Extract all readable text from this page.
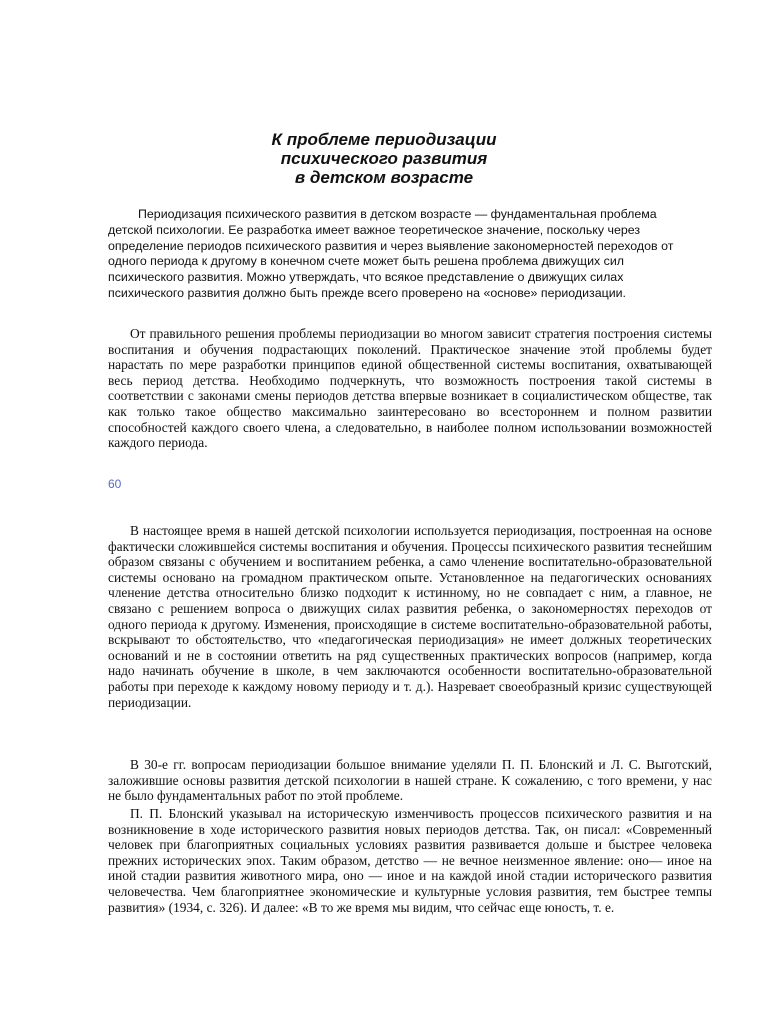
К проблеме периодизации
психического развития
в детском возрасте

Периодизация психического развития в детском возрасте — фундаментальная проблема детской психологии. Ее разработка имеет важное теоретическое значение, поскольку через определение периодов психического развития и через выявление закономерностей переходов от одного периода к другому в конечном счете может быть решена проблема движущих сил психического развития. Можно утверждать, что всякое представление о движущих силах психического развития должно быть прежде всего проверено на «основе» периодизации.

От правильного решения проблемы периодизации во многом зависит стратегия построения системы воспитания и обучения подрастающих поколений. Практическое значение этой проблемы будет нарастать по мере разработки принципов единой общественной системы воспитания, охватывающей весь период детства. Необходимо подчеркнуть, что возможность построения такой системы в соответствии с законами смены периодов детства впервые возникает в социалистическом обществе, так как только такое общество максимально заинтересовано во всестороннем и полном развитии способностей каждого своего члена, а следовательно, в наиболее полном использовании возможностей каждого периода.

60

В настоящее время в нашей детской психологии используется периодизация, построенная на основе фактически сложившейся системы воспитания и обучения. Процессы психического развития теснейшим образом связаны с обучением и воспитанием ребенка, а само членение воспитательно-образовательной системы основано на громадном практическом опыте. Установленное на педагогических основаниях членение детства относительно близко подходит к истинному, но не совпадает с ним, а главное, не связано с решением вопроса о движущих силах развития ребенка, о закономерностях переходов от одного периода к другому. Изменения, происходящие в системе воспитательно-образовательной работы, вскрывают то обстоятельство, что «педагогическая периодизация» не имеет должных теоретических оснований и не в состоянии ответить на ряд существенных практических вопросов (например, когда надо начинать обучение в школе, в чем заключаются особенности воспитательно-образовательной работы при переходе к каждому новому периоду и т. д.). Назревает своеобразный кризис существующей периодизации.

В 30-е гг. вопросам периодизации большое внимание уделяли П. П. Блонский и Л. С. Выготский, заложившие основы развития детской психологии в нашей стране. К сожалению, с того времени, у нас не было фундаментальных работ по этой проблеме.

П. П. Блонский указывал на историческую изменчивость процессов психического развития и на возникновение в ходе исторического развития новых периодов детства. Так, он писал: «Современный человек при благоприятных социальных условиях развития развивается дольше и быстрее человека прежних исторических эпох. Таким образом, детство — не вечное неизменное явление: оно— иное на иной стадии развития животного мира, оно — иное и на каждой иной стадии исторического развития человечества. Чем благоприятнее экономические и культурные условия развития, тем быстрее темпы развития» (1934, с. 326). И далее: «В то же время мы видим, что сейчас еще юность, т. е.
